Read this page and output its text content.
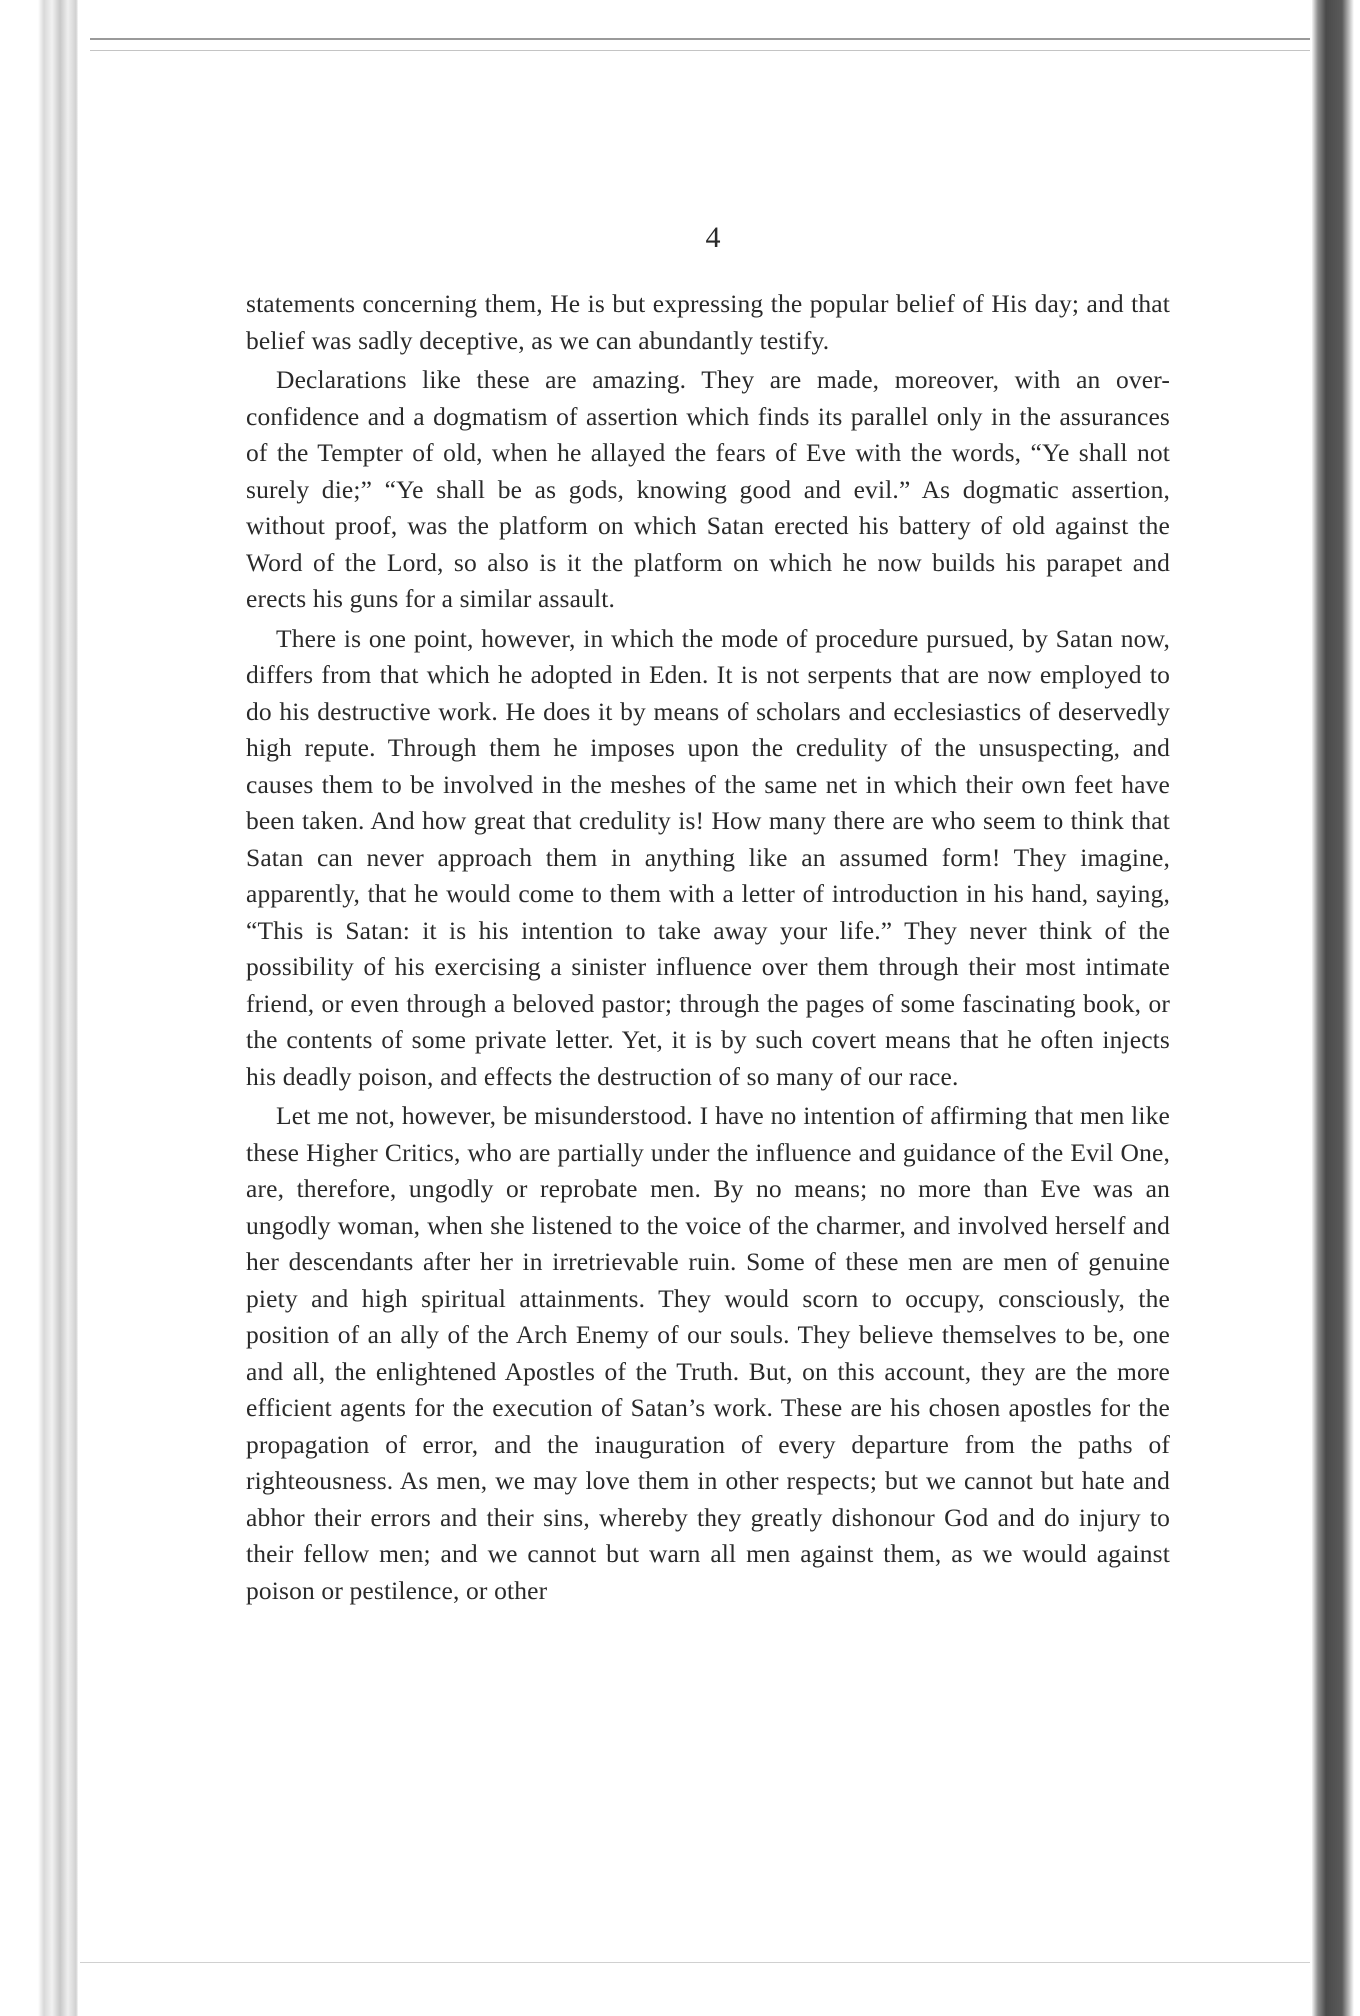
4

statements concerning them, He is but expressing the popular belief of His day; and that belief was sadly deceptive, as we can abundantly testify.

Declarations like these are amazing. They are made, moreover, with an over-confidence and a dogmatism of assertion which finds its parallel only in the assurances of the Tempter of old, when he allayed the fears of Eve with the words, “Ye shall not surely die;” “Ye shall be as gods, knowing good and evil.” As dogmatic assertion, without proof, was the platform on which Satan erected his battery of old against the Word of the Lord, so also is it the platform on which he now builds his parapet and erects his guns for a similar assault.

There is one point, however, in which the mode of procedure pursued, by Satan now, differs from that which he adopted in Eden. It is not serpents that are now employed to do his destructive work. He does it by means of scholars and ecclesiastics of deservedly high repute. Through them he imposes upon the credulity of the unsuspecting, and causes them to be involved in the meshes of the same net in which their own feet have been taken. And how great that credulity is! How many there are who seem to think that Satan can never approach them in anything like an assumed form! They imagine, apparently, that he would come to them with a letter of introduction in his hand, saying, “This is Satan: it is his intention to take away your life.” They never think of the possibility of his exercising a sinister influence over them through their most intimate friend, or even through a beloved pastor; through the pages of some fascinating book, or the contents of some private letter. Yet, it is by such covert means that he often injects his deadly poison, and effects the destruction of so many of our race.

Let me not, however, be misunderstood. I have no intention of affirming that men like these Higher Critics, who are partially under the influence and guidance of the Evil One, are, therefore, ungodly or reprobate men. By no means; no more than Eve was an ungodly woman, when she listened to the voice of the charmer, and involved herself and her descendants after her in irretrievable ruin. Some of these men are men of genuine piety and high spiritual attainments. They would scorn to occupy, consciously, the position of an ally of the Arch Enemy of our souls. They believe themselves to be, one and all, the enlightened Apostles of the Truth. But, on this account, they are the more efficient agents for the execution of Satan’s work. These are his chosen apostles for the propagation of error, and the inauguration of every departure from the paths of righteousness. As men, we may love them in other respects; but we cannot but hate and abhor their errors and their sins, whereby they greatly dishonour God and do injury to their fellow men; and we cannot but warn all men against them, as we would against poison or pestilence, or other
